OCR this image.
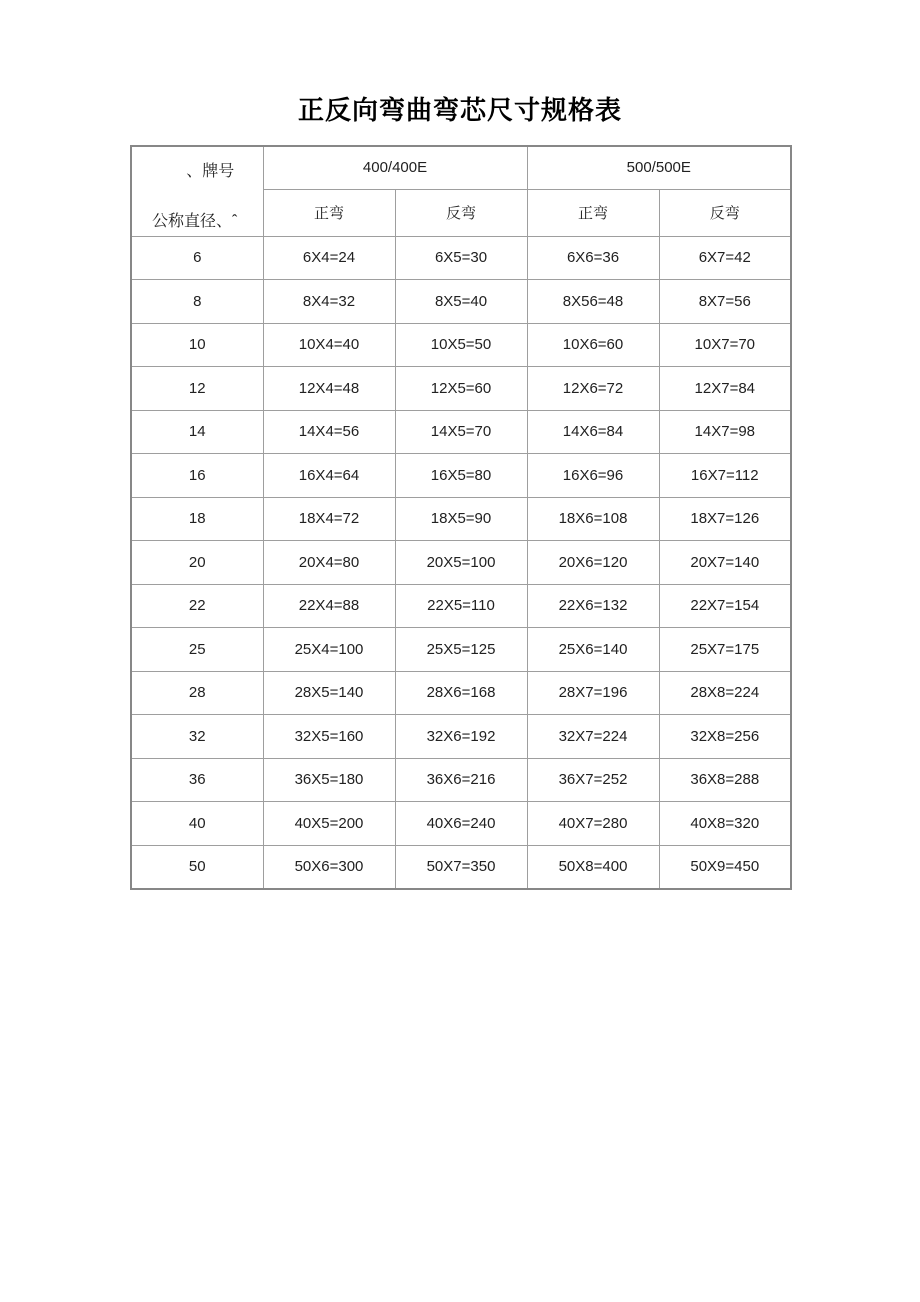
正反向弯曲弯芯尺寸规格表
、牌号
公称直径、ˆ	400/400E		500/500E	
	正弯	反弯	正弯	反弯
6	6X4=24	6X5=30	6X6=36	6X7=42
8	8X4=32	8X5=40	8X56=48	8X7=56
10	10X4=40	10X5=50	10X6=60	10X7=70
12	12X4=48	12X5=60	12X6=72	12X7=84
14	14X4=56	14X5=70	14X6=84	14X7=98
16	16X4=64	16X5=80	16X6=96	16X7=112
18	18X4=72	18X5=90	18X6=108	18X7=126
20	20X4=80	20X5=100	20X6=120	20X7=140
22	22X4=88	22X5=110	22X6=132	22X7=154
25	25X4=100	25X5=125	25X6=140	25X7=175
28	28X5=140	28X6=168	28X7=196	28X8=224
32	32X5=160	32X6=192	32X7=224	32X8=256
36	36X5=180	36X6=216	36X7=252	36X8=288
40	40X5=200	40X6=240	40X7=280	40X8=320
50	50X6=300	50X7=350	50X8=400	50X9=450
